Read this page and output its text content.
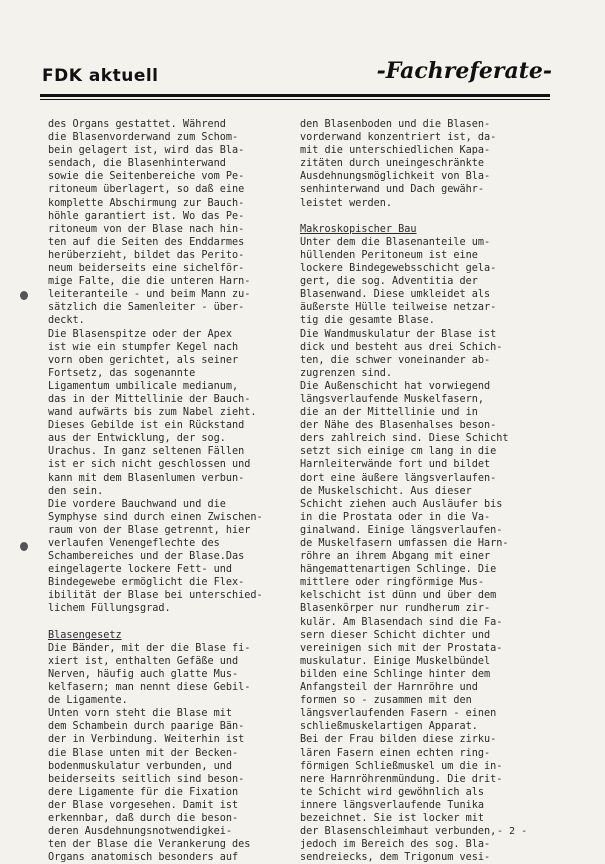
FDK aktuell	-Fachreferate-
des Organs gestattet. Während
die Blasenvorderwand zum Schom-
bein gelagert ist, wird das Bla-
sendach, die Blasenhinterwand
sowie die Seitenbereiche vom Pe-
ritoneum überlagert, so daß eine
komplette Abschirmung zur Bauch-
höhle garantiert ist. Wo das Pe-
ritoneum von der Blase nach hin-
ten auf die Seiten des Enddarmes
herüberzieht, bildet das Perito-
neum beiderseits eine sichelför-
mige Falte, die die unteren Harn-
leiteranteile - und beim Mann zu-
sätzlich die Samenleiter - über-
deckt.
Die Blasenspitze oder der Apex
ist wie ein stumpfer Kegel nach
vorn oben gerichtet, als seiner
Fortsetz, das sogenannte
Ligamentum umbilicale medianum,
das in der Mittellinie der Bauch-
wand aufwärts bis zum Nabel zieht.
Dieses Gebilde ist ein Rückstand
aus der Entwicklung, der sog.
Urachus. In ganz seltenen Fällen
ist er sich nicht geschlossen und
kann mit dem Blasenlumen verbun-
den sein.
Die vordere Bauchwand und die
Symphyse sind durch einen Zwischen-
raum von der Blase getrennt, hier
verlaufen Venengeflechte des
Schambereiches und der Blase.Das
eingelagerte lockere Fett- und
Bindegewebe ermöglicht die Flex-
ibilität der Blase bei unterschied-
lichem Füllungsgrad.
Blasengesetz
Die Bänder, mit der die Blase fi-
xiert ist, enthalten Gefäße und
Nerven, häufig auch glatte Mus-
kelfasern; man nennt diese Gebil-
de Ligamente.
Unten vorn steht die Blase mit
dem Schambein durch paarige Bän-
der in Verbindung. Weiterhin ist
die Blase unten mit der Becken-
bodenmuskulatur verbunden, und
beiderseits seitlich sind beson-
dere Ligamente für die Fixation
der Blase vorgesehen. Damit ist
erkennbar, daß durch die beson-
deren Ausdehnungsnotwendigkei-
ten der Blase die Verankerung des
Organs anatomisch besonders auf
den Blasenboden und die Blasen-
vorderwand konzentriert ist, da-
mit die unterschiedlichen Kapa-
zitäten durch uneingeschränkte
Ausdehnungsmöglichkeit von Bla-
senhinterwand und Dach gewähr-
leistet werden.
Makroskopischer Bau
Unter dem die Blasenanteile um-
hüllenden Peritoneum ist eine
lockere Bindegewebsschicht gela-
gert, die sog. Adventitia der
Blasenwand. Diese umkleidet als
äußerste Hülle teilweise netzar-
tig die gesamte Blase.
Die Wandmuskulatur der Blase ist
dick und besteht aus drei Schich-
ten, die schwer voneinander ab-
zugrenzen sind.
Die Außenschicht hat vorwiegend
längsverlaufende Muskelfasern,
die an der Mittellinie und in
der Nähe des Blasenhalses beson-
ders zahlreich sind. Diese Schicht
setzt sich einige cm lang in die
Harnleiterwände fort und bildet
dort eine äußere längsverlaufen-
de Muskelschicht. Aus dieser
Schicht ziehen auch Ausläufer bis
in die Prostata oder in die Va-
ginalwand. Einige längsverlaufen-
de Muskelfasern umfassen die Harn-
röhre an ihrem Abgang mit einer
hängemattenartigen Schlinge. Die
mittlere oder ringförmige Mus-
kelschicht ist dünn und über dem
Blasenkörper nur rundherum zir-
kulär. Am Blasendach sind die Fa-
sern dieser Schicht dichter und
vereinigen sich mit der Prostata-
muskulatur. Einige Muskelbündel
bilden eine Schlinge hinter dem
Anfangsteil der Harnröhre und
formen so - zusammen mit den
längsverlaufenden Fasern - einen
schließmuskelartigen Apparat.
Bei der Frau bilden diese zirku-
lären Fasern einen echten ring-
förmigen Schließmuskel um die in-
nere Harnröhrenmündung. Die drit-
te Schicht wird gewöhnlich als
innere längsverlaufende Tunika
bezeichnet. Sie ist locker mit
der Blasenschleimhaut verbunden,
jedoch im Bereich des sog. Bla-
sendreiecks, dem Trigonum vesi-
- 2 -
